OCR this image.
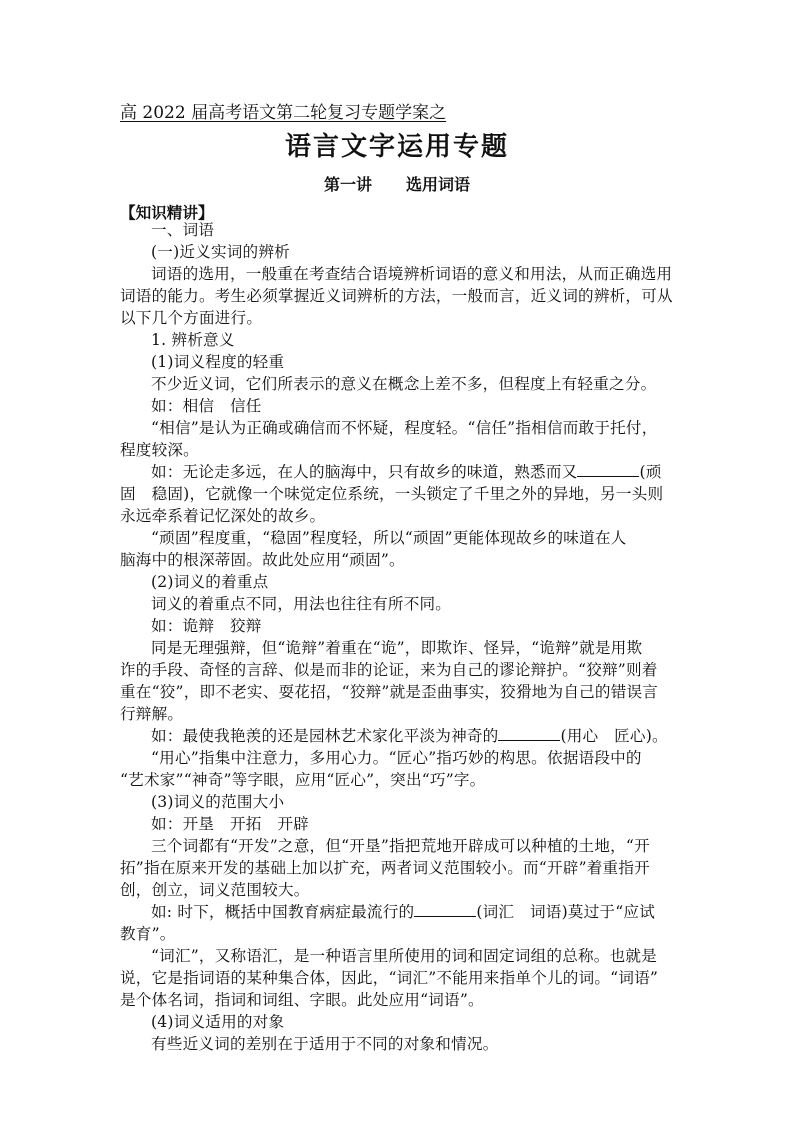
高 2022 届高考语文第二轮复习专题学案之
语言文字运用专题
第一讲 选用词语
【知识精讲】
一、词语
(一)近义实词的辨析
词语的选用，一般重在考查结合语境辨析词语的意义和用法，从而正确选用
词语的能力。考生必须掌握近义词辨析的方法，一般而言，近义词的辨析，可从
以下几个方面进行。
1. 辨析意义
(1)词义程度的轻重
不少近义词，它们所表示的意义在概念上差不多，但程度上有轻重之分。
如：相信　信任
“相信”是认为正确或确信而不怀疑，程度轻。“信任”指相信而敢于托付，
程度较深。
如：无论走多远，在人的脑海中，只有故乡的味道，熟悉而又	(顽
固　稳固)，它就像一个味觉定位系统，一头锁定了千里之外的异地，另一头则
永远牵系着记忆深处的故乡。
“顽固”程度重，“稳固”程度轻，所以“顽固”更能体现故乡的味道在人
脑海中的根深蒂固。故此处应用“顽固”。
(2)词义的着重点
词义的着重点不同，用法也往往有所不同。
如：诡辩　狡辩
同是无理强辩，但“诡辩”着重在“诡”，即欺诈、怪异，“诡辩”就是用欺
诈的手段、奇怪的言辞、似是而非的论证，来为自己的谬论辩护。“狡辩”则着
重在“狡”，即不老实、耍花招，“狡辩”就是歪曲事实，狡猾地为自己的错误言
行辩解。
如：最使我艳羡的还是园林艺术家化平淡为神奇的	(用心　匠心)。
“用心”指集中注意力，多用心力。“匠心”指巧妙的构思。依据语段中的
“艺术家”“神奇”等字眼，应用“匠心”，突出“巧”字。
(3)词义的范围大小
如：开垦　开拓　开辟
三个词都有“开发”之意，但“开垦”指把荒地开辟成可以种植的土地，“开
拓”指在原来开发的基础上加以扩充，两者词义范围较小。而“开辟”着重指开
创，创立，词义范围较大。
如: 时下，概括中国教育病症最流行的	(词汇　词语)莫过于“应试
教育”。
“词汇”，又称语汇，是一种语言里所使用的词和固定词组的总称。也就是
说，它是指词语的某种集合体，因此，“词汇”不能用来指单个儿的词。“词语”
是个体名词，指词和词组、字眼。此处应用“词语”。
(4)词义适用的对象
有些近义词的差别在于适用于不同的对象和情况。
